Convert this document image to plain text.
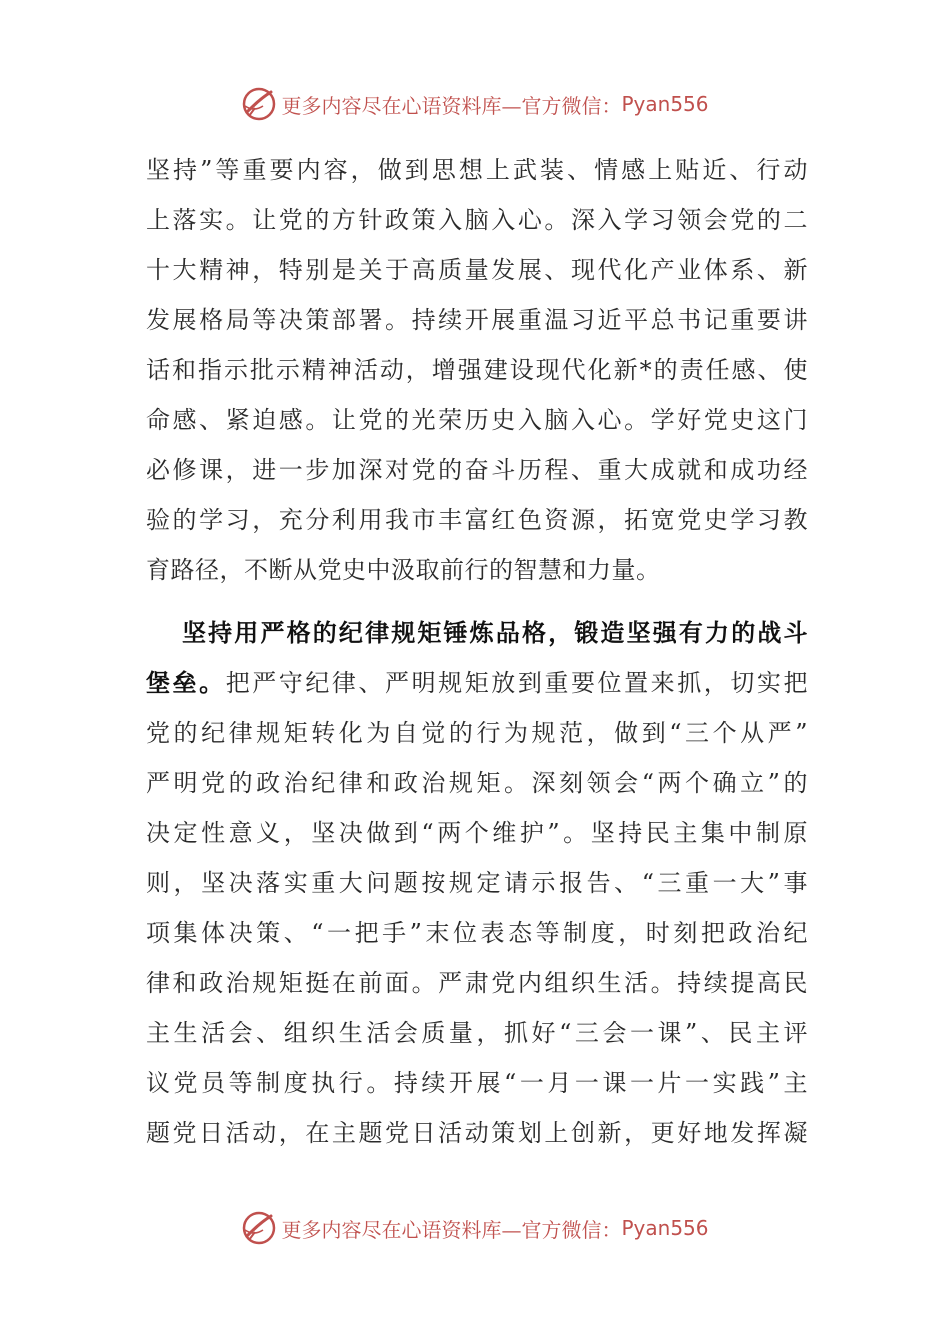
更多内容尽在心语资料库—官方微信： Pyan556
坚持”等重要内容，做到思想上武装、情感上贴近、行动
上落实。让党的方针政策入脑入心。深入学习领会党的二
十大精神，特别是关于高质量发展、现代化产业体系、新
发展格局等决策部署。持续开展重温习近平总书记重要讲
话和指示批示精神活动，增强建设现代化新*的责任感、使
命感、紧迫感。让党的光荣历史入脑入心。学好党史这门
必修课，进一步加深对党的奋斗历程、重大成就和成功经
验的学习，充分利用我市丰富红色资源，拓宽党史学习教
育路径，不断从党史中汲取前行的智慧和力量。
坚持用严格的纪律规矩锤炼品格，锻造坚强有力的战斗
堡垒。把严守纪律、严明规矩放到重要位置来抓，切实把
党的纪律规矩转化为自觉的行为规范，做到“三个从严”
严明党的政治纪律和政治规矩。深刻领会“两个确立”的
决定性意义，坚决做到“两个维护”。坚持民主集中制原
则，坚决落实重大问题按规定请示报告、“三重一大”事
项集体决策、“一把手”末位表态等制度，时刻把政治纪
律和政治规矩挺在前面。严肃党内组织生活。持续提高民
主生活会、组织生活会质量，抓好“三会一课”、民主评
议党员等制度执行。持续开展“一月一课一片一实践”主
题党日活动，在主题党日活动策划上创新，更好地发挥凝
更多内容尽在心语资料库—官方微信： Pyan556
